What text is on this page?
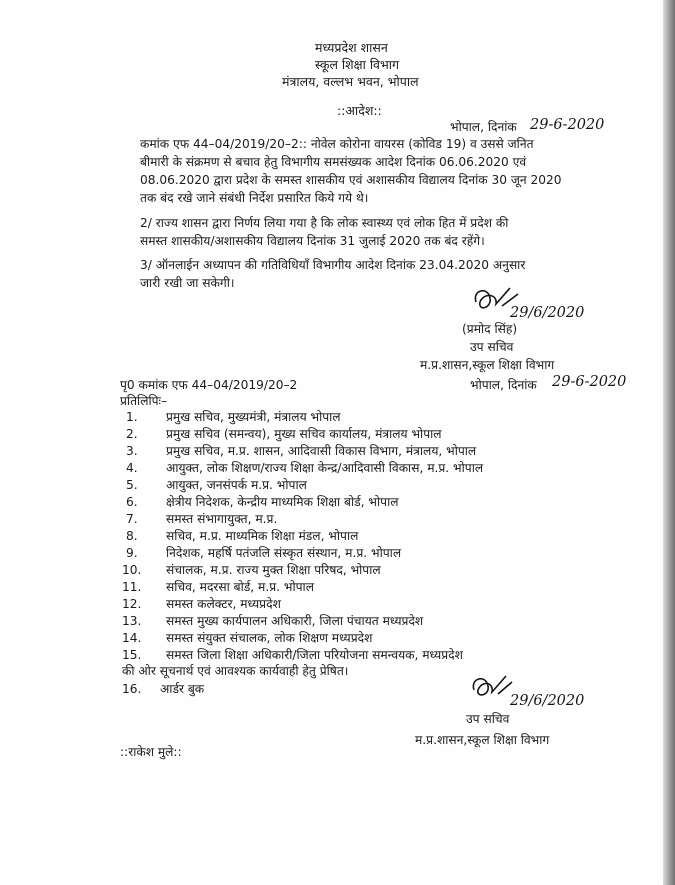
मध्यप्रदेश शासन
स्कूल शिक्षा विभाग
मंत्रालय, वल्लभ भवन, भोपाल
::आदेश::
भोपाल, दिनांक 29-6-2020
कमांक एफ 44–04/2019/20–2:: नोवेल कोरोना वायरस (कोविड 19) व उससे जनित
बीमारी के संक्रमण से बचाव हेतु विभागीय समसंख्यक आदेश दिनांक 06.06.2020 एवं
08.06.2020 द्वारा प्रदेश के समस्त शासकीय एवं अशासकीय विद्यालय दिनांक 30 जून 2020
तक बंद रखे जाने संबंधी निर्देश प्रसारित किये गये थे।
2/ राज्य शासन द्वारा निर्णय लिया गया है कि लोक स्वास्थ्य एवं लोक हित में प्रदेश की
समस्त शासकीय/अशासकीय विद्यालय दिनांक 31 जुलाई 2020 तक बंद रहेंगे।
3/ ऑनलाईन अध्यापन की गतिविधियॉं विभागीय आदेश दिनांक 23.04.2020 अनुसार
जारी रखी जा सकेगी।
29/6/2020
(प्रमोद सिंह)
उप सचिव
म.प्र.शासन,स्कूल शिक्षा विभाग
पृ0 कमांक एफ 44–04/2019/20–2	भोपाल, दिनांक 29-6-2020
प्रतिलिपिः–
1.	प्रमुख सचिव, मुख्यमंत्री, मंत्रालय भोपाल
2.	प्रमुख सचिव (समन्वय), मुख्य सचिव कार्यालय, मंत्रालय भोपाल
3.	प्रमुख सचिव, म.प्र. शासन, आदिवासी विकास विभाग, मंत्रालय, भोपाल
4.	आयुक्त, लोक शिक्षण/राज्य शिक्षा केन्द्र/आदिवासी विकास, म.प्र. भोपाल
5.	आयुक्त, जनसंपर्क म.प्र. भोपाल
6.	क्षेत्रीय निदेशक, केन्द्रीय माध्यमिक शिक्षा बोर्ड, भोपाल
7.	समस्त संभागायुक्त, म.प्र.
8.	सचिव, म.प्र. माध्यमिक शिक्षा मंडल, भोपाल
9.	निदेशक, महर्षि पतंजलि संस्कृत संस्थान, म.प्र. भोपाल
10.	संचालक, म.प्र. राज्य मुक्त शिक्षा परिषद, भोपाल
11.	सचिव, मदरसा बोर्ड, म.प्र. भोपाल
12.	समस्त कलेक्टर, मध्यप्रदेश
13.	समस्त मुख्य कार्यपालन अधिकारी, जिला पंचायत मध्यप्रदेश
14.	समस्त संयुक्त संचालक, लोक शिक्षण मध्यप्रदेश
15.	समस्त जिला शिक्षा अधिकारी/जिला परियोजना समन्वयक, मध्यप्रदेश
की ओर सूचनार्थ एवं आवश्यक कार्यवाही हेतु प्रेषित।
16.	आर्डर बुक
29/6/2020
उप सचिव
म.प्र.शासन,स्कूल शिक्षा विभाग
::राकेश मुले::
